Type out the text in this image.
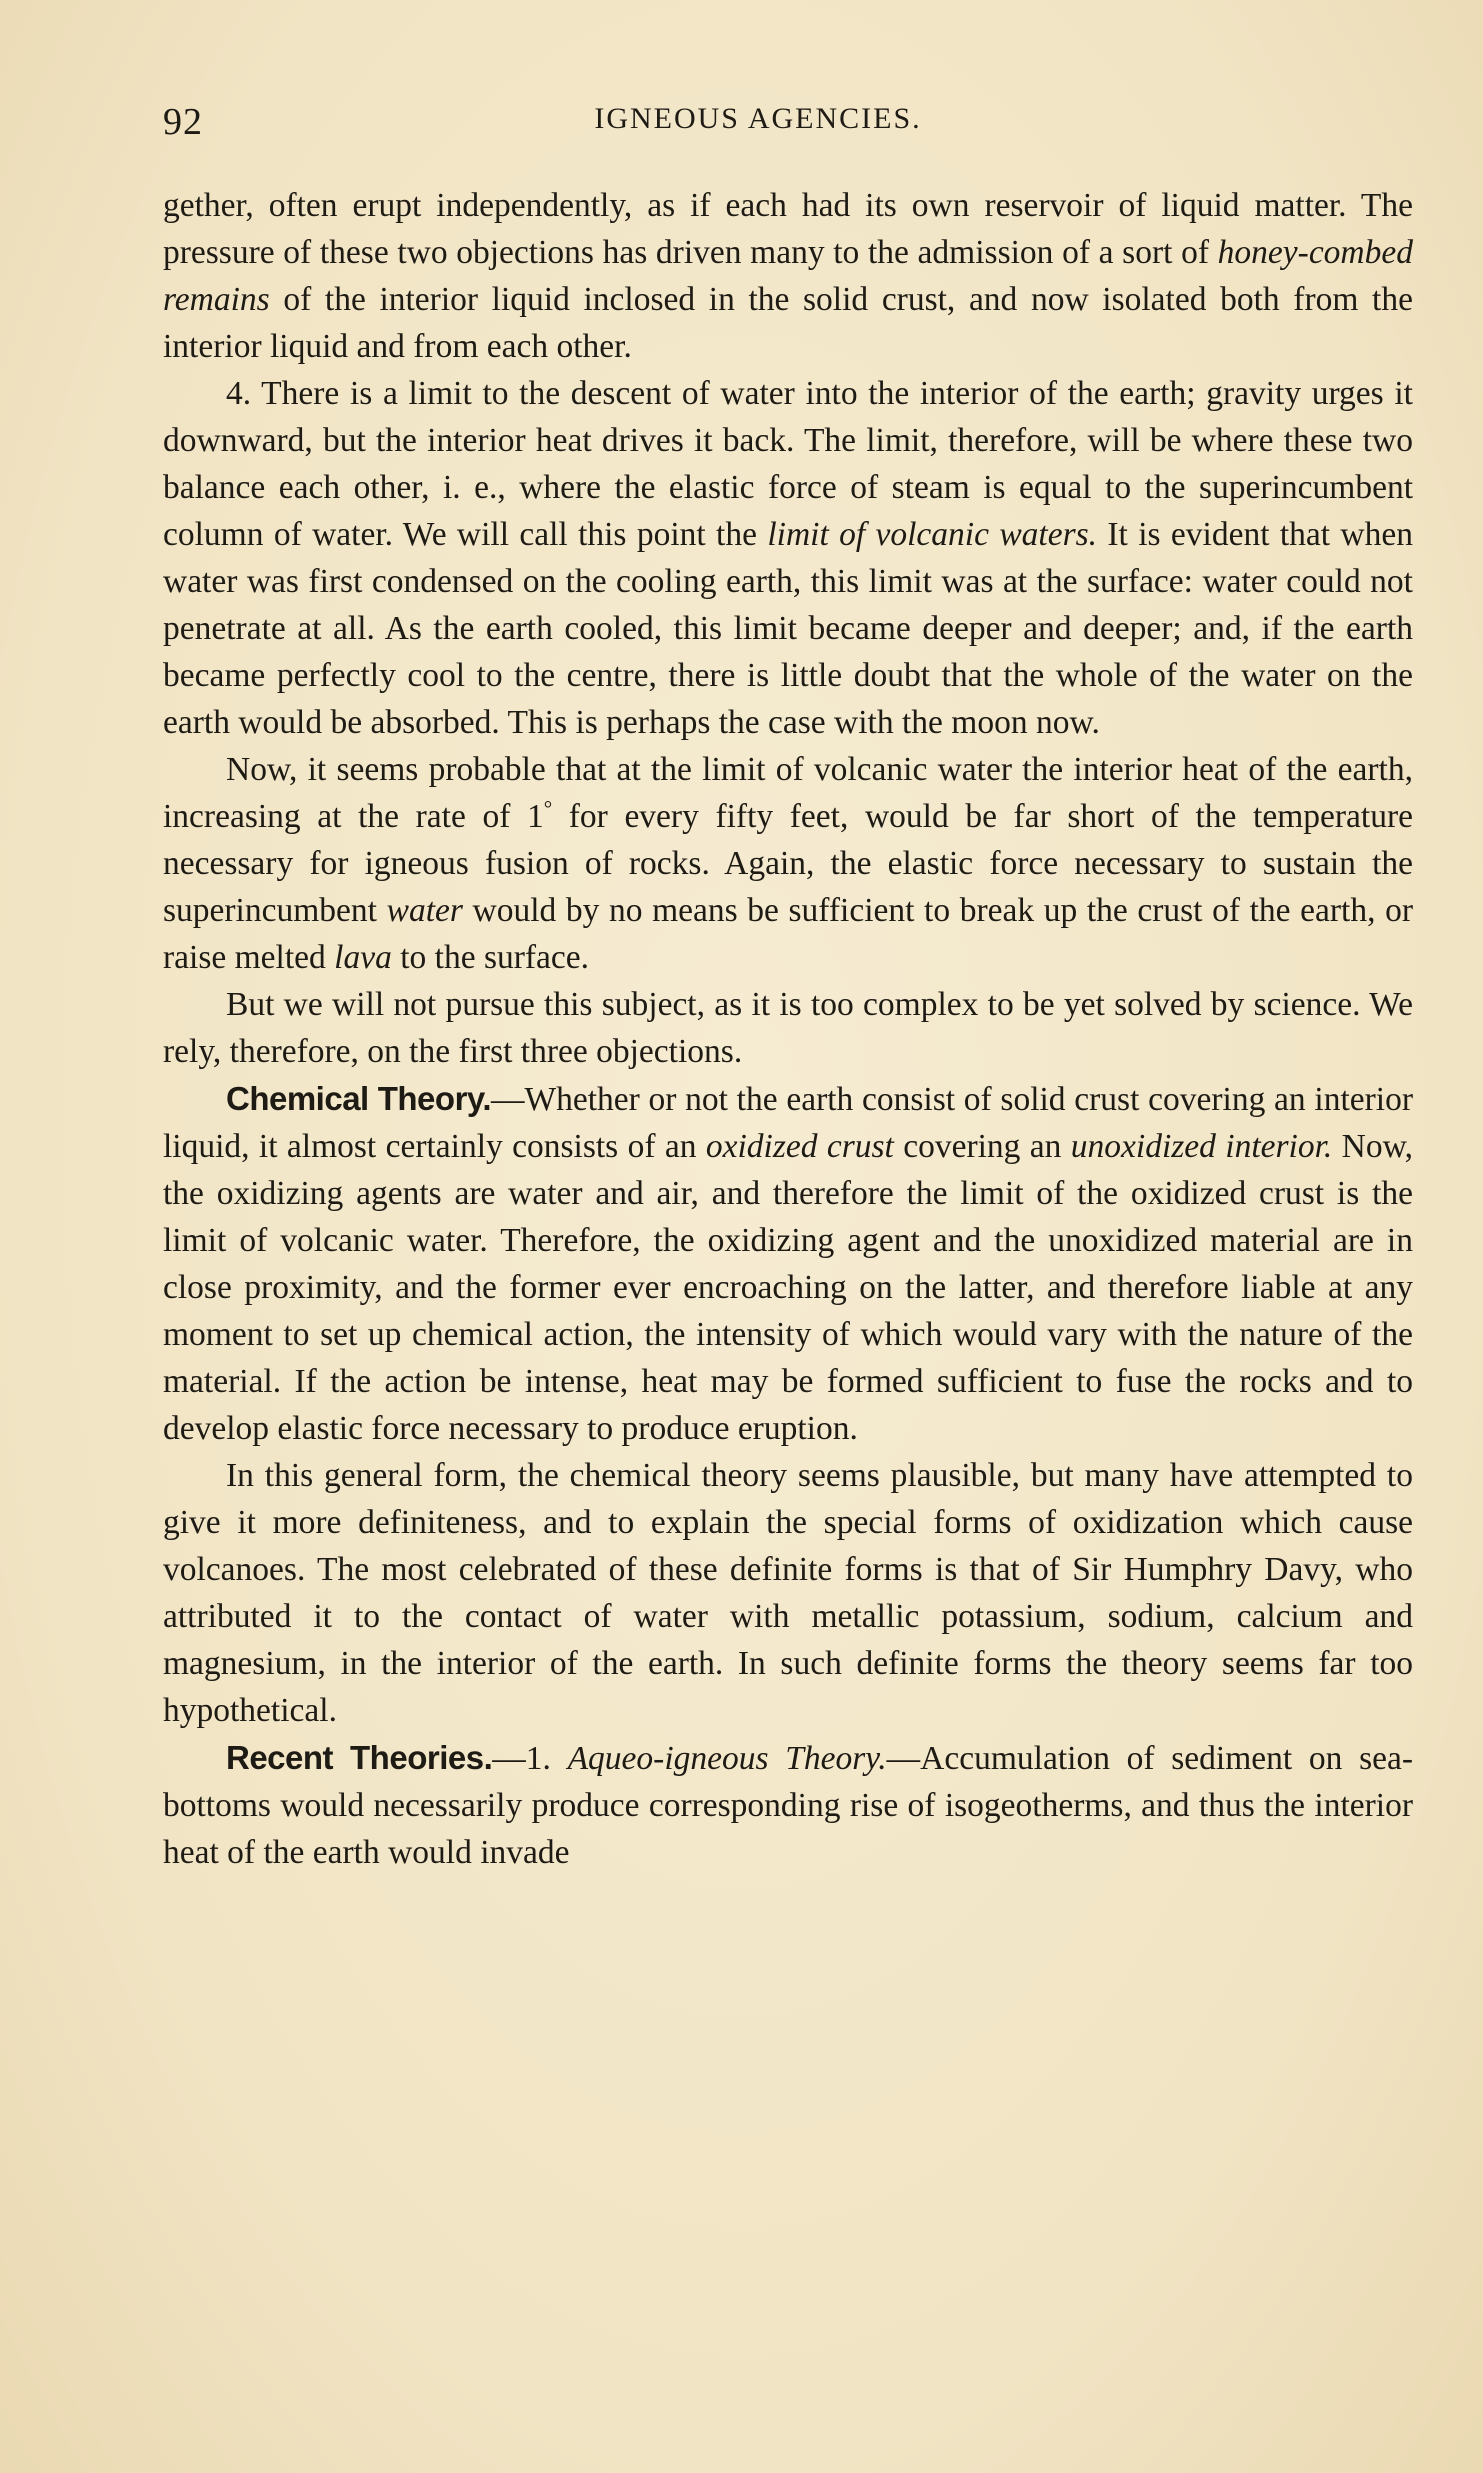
92	IGNEOUS AGENCIES.

gether, often erupt independently, as if each had its own reservoir of liquid matter. The pressure of these two objections has driven many to the admission of a sort of honey-combed remains of the interior liquid inclosed in the solid crust, and now isolated both from the interior liquid and from each other.

4. There is a limit to the descent of water into the interior of the earth; gravity urges it downward, but the interior heat drives it back. The limit, therefore, will be where these two balance each other, i. e., where the elastic force of steam is equal to the superincumbent column of water. We will call this point the limit of volcanic waters. It is evident that when water was first condensed on the cooling earth, this limit was at the surface: water could not penetrate at all. As the earth cooled, this limit became deeper and deeper; and, if the earth became perfectly cool to the centre, there is little doubt that the whole of the water on the earth would be absorbed. This is perhaps the case with the moon now.

Now, it seems probable that at the limit of volcanic water the interior heat of the earth, increasing at the rate of 1° for every fifty feet, would be far short of the temperature necessary for igneous fusion of rocks. Again, the elastic force necessary to sustain the superincumbent water would by no means be sufficient to break up the crust of the earth, or raise melted lava to the surface.

But we will not pursue this subject, as it is too complex to be yet solved by science. We rely, therefore, on the first three objections.

Chemical Theory.—Whether or not the earth consist of solid crust covering an interior liquid, it almost certainly consists of an oxidized crust covering an unoxidized interior. Now, the oxidizing agents are water and air, and therefore the limit of the oxidized crust is the limit of volcanic water. Therefore, the oxidizing agent and the unoxidized material are in close proximity, and the former ever encroaching on the latter, and therefore liable at any moment to set up chemical action, the intensity of which would vary with the nature of the material. If the action be intense, heat may be formed sufficient to fuse the rocks and to develop elastic force necessary to produce eruption.

In this general form, the chemical theory seems plausible, but many have attempted to give it more definiteness, and to explain the special forms of oxidization which cause volcanoes. The most celebrated of these definite forms is that of Sir Humphry Davy, who attributed it to the contact of water with metallic potassium, sodium, calcium and magnesium, in the interior of the earth. In such definite forms the theory seems far too hypothetical.

Recent Theories.—1. Aqueo-igneous Theory.—Accumulation of sediment on sea-bottoms would necessarily produce corresponding rise of isogeotherms, and thus the interior heat of the earth would invade
